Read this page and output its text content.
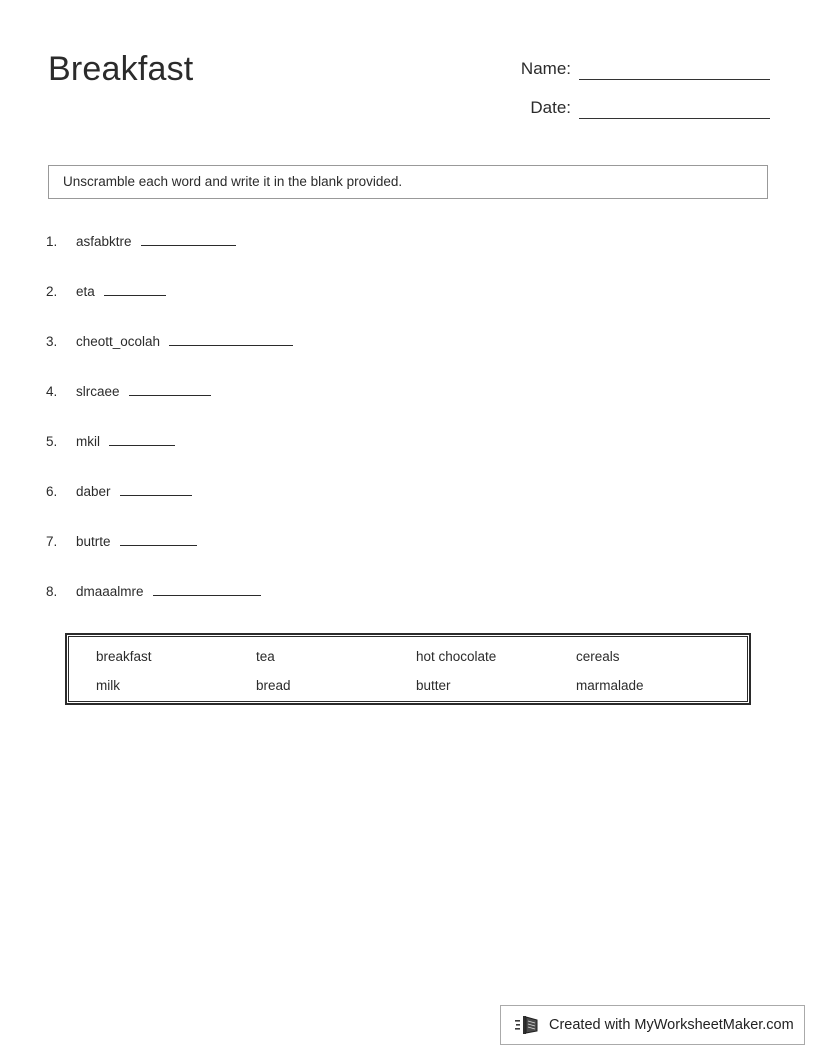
Breakfast	Name:
Date:
Unscramble each word and write it in the blank provided.
1.	asfabktre
2.	eta
3.	cheott_ocolah
4.	slrcaee
5.	mkil
6.	daber
7.	butrte
8.	dmaaalmre
breakfast	tea	hot chocolate	cereals
milk	bread	butter	marmalade
Created with MyWorksheetMaker.com
